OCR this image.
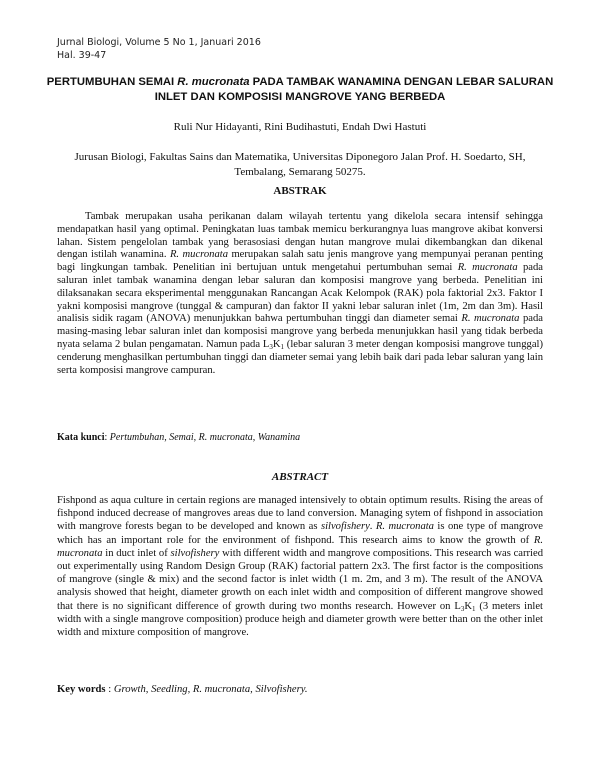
Jurnal Biologi, Volume 5 No 1, Januari 2016
Hal. 39-47
PERTUMBUHAN SEMAI R. mucronata PADA TAMBAK WANAMINA DENGAN LEBAR SALURAN INLET DAN KOMPOSISI MANGROVE YANG BERBEDA
Ruli Nur Hidayanti, Rini Budihastuti, Endah Dwi Hastuti
Jurusan Biologi, Fakultas Sains dan Matematika, Universitas Diponegoro Jalan Prof. H. Soedarto, SH,
Tembalang, Semarang 50275.
ABSTRAK
Tambak merupakan usaha perikanan dalam wilayah tertentu yang dikelola secara intensif sehingga mendapatkan hasil yang optimal. Peningkatan luas tambak memicu berkurangnya luas mangrove akibat konversi lahan. Sistem pengelolan tambak yang berasosiasi dengan hutan mangrove mulai dikembangkan dan dikenal dengan istilah wanamina. R. mucronata merupakan salah satu jenis mangrove yang mempunyai peranan penting bagi lingkungan tambak. Penelitian ini bertujuan untuk mengetahui pertumbuhan semai R. mucronata pada saluran inlet tambak wanamina dengan lebar saluran dan komposisi mangrove yang berbeda. Penelitian ini dilaksanakan secara eksperimental menggunakan Rancangan Acak Kelompok (RAK) pola faktorial 2x3. Faktor I yakni komposisi mangrove (tunggal & campuran) dan faktor II yakni lebar saluran inlet (1m, 2m dan 3m). Hasil analisis sidik ragam (ANOVA) menunjukkan bahwa pertumbuhan tinggi dan diameter semai R. mucronata pada masing-masing lebar saluran inlet dan komposisi mangrove yang berbeda menunjukkan hasil yang tidak berbeda nyata selama 2 bulan pengamatan. Namun pada $L_3K_1$ (lebar saluran 3 meter dengan komposisi mangrove tunggal) cenderung menghasilkan pertumbuhan tinggi dan diameter semai yang lebih baik dari pada lebar saluran yang lain serta komposisi mangrove campuran.
Kata kunci: Pertumbuhan, Semai, R. mucronata, Wanamina
ABSTRACT
Fishpond as aqua culture in certain regions are managed intensively to obtain optimum results. Rising the areas of fishpond induced decrease of mangroves areas due to land conversion. Managing sytem of fishpond in association with mangrove forests began to be developed and known as silvofishery. R. mucronata is one type of mangrove which has an important role for the environment of fishpond. This research aims to know the growth of R. mucronata in duct inlet of silvofishery with different width and mangrove compositions. This research was carried out experimentally using Random Design Group (RAK) factorial pattern 2x3. The first factor is the compositions of mangrove (single & mix) and the second factor is inlet width (1 m. 2m, and 3 m). The result of the ANOVA analysis showed that height, diameter growth on each inlet width and composition of different mangrove showed that there is no significant difference of growth during two months research. However on $L_3K_1$ (3 meters inlet width with a single mangrove composition) produce heigh and diameter growth were better than on the other inlet width and mixture composition of mangrove.
Key words : Growth, Seedling, R. mucronata, Silvofishery.
